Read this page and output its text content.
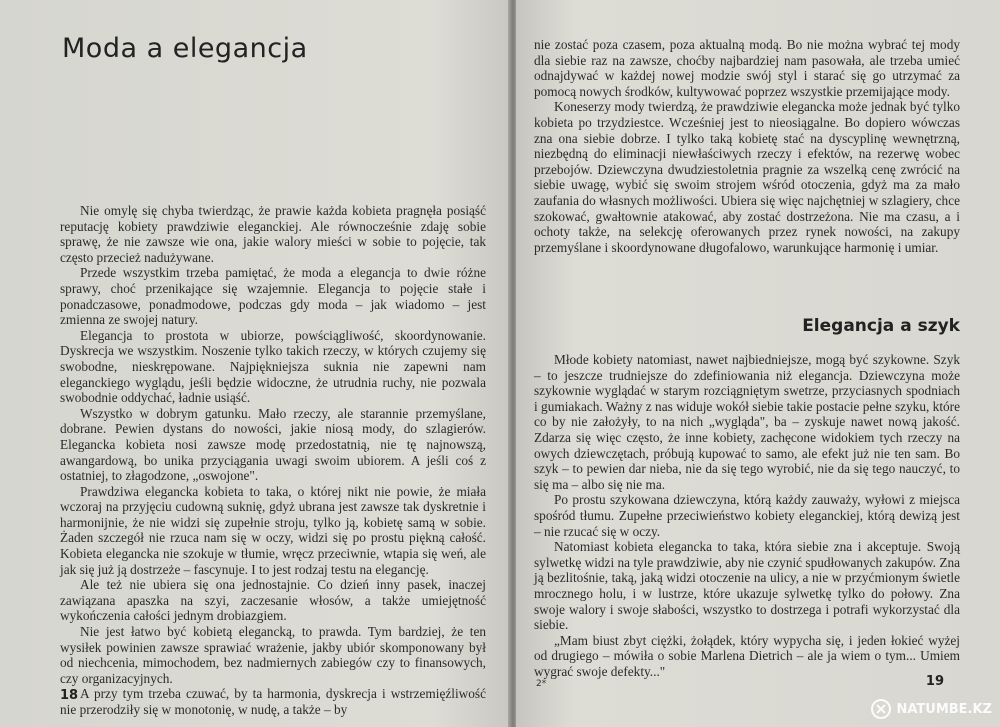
Moda a elegancja

Nie omylę się chyba twierdząc, że prawie każda kobieta pragnęła posiąść reputację kobiety prawdziwie eleganckiej. Ale równocześnie zdaję sobie sprawę, że nie zawsze wie ona, jakie walory mieści w sobie to pojęcie, tak często przecież nadużywane.

Przede wszystkim trzeba pamiętać, że moda a elegancja to dwie różne sprawy, choć przenikające się wzajemnie. Elegancja to pojęcie stałe i ponadczasowe, ponadmodowe, podczas gdy moda – jak wiadomo – jest zmienna ze swojej natury.

Elegancja to prostota w ubiorze, powściągliwość, skoordynowanie. Dyskrecja we wszystkim. Noszenie tylko takich rzeczy, w których czujemy się swobodne, nieskrępowane. Najpiękniejsza suknia nie zapewni nam eleganckiego wyglądu, jeśli będzie widoczne, że utrudnia ruchy, nie pozwala swobodnie oddychać, ładnie usiąść.

Wszystko w dobrym gatunku. Mało rzeczy, ale starannie przemyślane, dobrane. Pewien dystans do nowości, jakie niosą mody, do szlagierów. Elegancka kobieta nosi zawsze modę przedostatnią, nie tę najnowszą, awangardową, bo unika przyciągania uwagi swoim ubiorem. A jeśli coś z ostatniej, to złagodzone, „oswojone".

Prawdziwa elegancka kobieta to taka, o której nikt nie powie, że miała wczoraj na przyjęciu cudowną suknię, gdyż ubrana jest zawsze tak dyskretnie i harmonijnie, że nie widzi się zupełnie stroju, tylko ją, kobietę samą w sobie. Żaden szczegół nie rzuca nam się w oczy, widzi się po prostu piękną całość. Kobieta elegancka nie szokuje w tłumie, wręcz przeciwnie, wtapia się weń, ale jak się już ją dostrzeże – fascynuje. I to jest rodzaj testu na elegancję.

Ale też nie ubiera się ona jednostajnie. Co dzień inny pasek, inaczej zawiązana apaszka na szyi, zaczesanie włosów, a także umiejętność wykończenia całości jednym drobiazgiem.

Nie jest łatwo być kobietą elegancką, to prawda. Tym bardziej, że ten wysiłek powinien zawsze sprawiać wrażenie, jakby ubiór skomponowany był od niechcenia, mimochodem, bez nadmiernych zabiegów czy to finansowych, czy organizacyjnych.

A przy tym trzeba czuwać, by ta harmonia, dyskrecja i wstrzemięźliwość nie przerodziły się w monotonię, w nudę, a także – by

18

nie zostać poza czasem, poza aktualną modą. Bo nie można wybrać tej mody dla siebie raz na zawsze, choćby najbardziej nam pasowała, ale trzeba umieć odnajdywać w każdej nowej modzie swój styl i starać się go utrzymać za pomocą nowych środków, kultywować poprzez wszystkie przemijające mody.

Koneserzy mody twierdzą, że prawdziwie elegancka może jednak być tylko kobieta po trzydziestce. Wcześniej jest to nieosiągalne. Bo dopiero wówczas zna ona siebie dobrze. I tylko taką kobietę stać na dyscyplinę wewnętrzną, niezbędną do eliminacji niewłaściwych rzeczy i efektów, na rezerwę wobec przebojów. Dziewczyna dwudziestoletnia pragnie za wszelką cenę zwrócić na siebie uwagę, wybić się swoim strojem wśród otoczenia, gdyż ma za mało zaufania do własnych możliwości. Ubiera się więc najchętniej w szlagiery, chce szokować, gwałtownie atakować, aby zostać dostrzeżona. Nie ma czasu, a i ochoty także, na selekcję oferowanych przez rynek nowości, na zakupy przemyślane i skoordynowane długofalowo, warunkujące harmonię i umiar.

Elegancja a szyk

Młode kobiety natomiast, nawet najbiedniejsze, mogą być szykowne. Szyk – to jeszcze trudniejsze do zdefiniowania niż elegancja. Dziewczyna może szykownie wyglądać w starym rozciągniętym swetrze, przyciasnych spodniach i gumiakach. Ważny z nas widuje wokół siebie takie postacie pełne szyku, które co by nie założyły, to na nich „wygląda", ba – zyskuje nawet nową jakość. Zdarza się więc często, że inne kobiety, zachęcone widokiem tych rzeczy na owych dziewczętach, próbują kupować to samo, ale efekt już nie ten sam. Bo szyk – to pewien dar nieba, nie da się tego wyrobić, nie da się tego nauczyć, to się ma – albo się nie ma.

Po prostu szykowana dziewczyna, którą każdy zauważy, wyłowi z miejsca spośród tłumu. Zupełne przeciwieństwo kobiety eleganckiej, którą dewizą jest – nie rzucać się w oczy.

Natomiast kobieta elegancka to taka, która siebie zna i akceptuje. Swoją sylwetkę widzi na tyle prawdziwie, aby nie czynić spudłowanych zakupów. Zna ją bezlitośnie, taką, jaką widzi otoczenie na ulicy, a nie w przyćmionym świetle mrocznego holu, i w lustrze, które ukazuje sylwetkę tylko do połowy. Zna swoje walory i swoje słabości, wszystko to dostrzega i potrafi wykorzystać dla siebie.

„Mam biust zbyt ciężki, żołądek, który wypycha się, i jeden łokieć wyżej od drugiego – mówiła o sobie Marlena Dietrich – ale ja wiem o tym... Umiem wygrać swoje defekty..."

2*	19
NATUMBE.KZ
